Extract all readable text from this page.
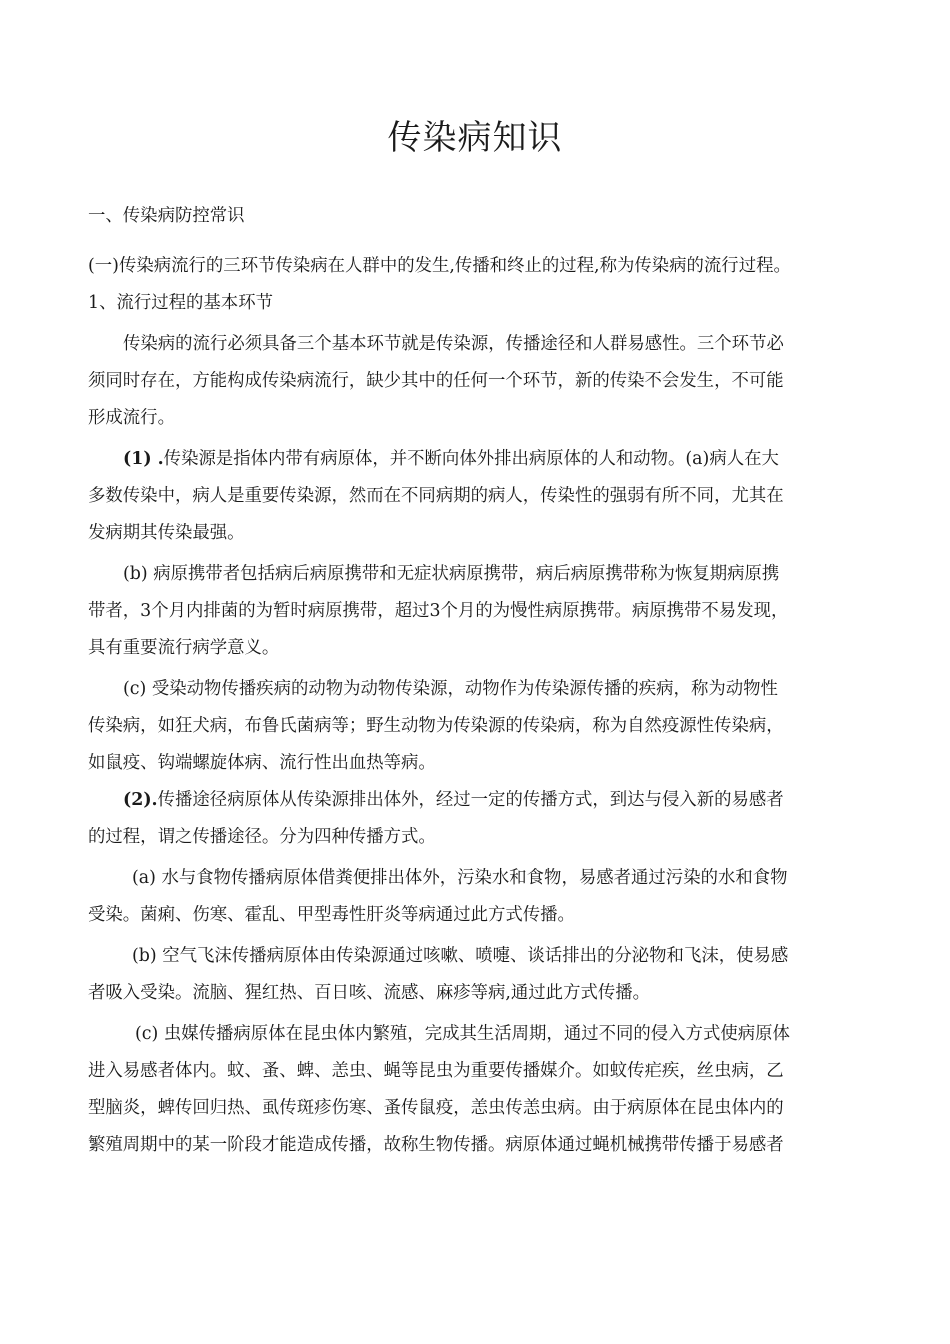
传染病知识
一、传染病防控常识
(一)传染病流行的三环节传染病在人群中的发生,传播和终止的过程,称为传染病的流行过程。
1、流行过程的基本环节
传染病的流行必须具备三个基本环节就是传染源，传播途径和人群易感性。三个环节必
须同时存在，方能构成传染病流行，缺少其中的任何一个环节，新的传染不会发生，不可能
形成流行。
(1) .传染源是指体内带有病原体，并不断向体外排出病原体的人和动物。(a)病人在大
多数传染中，病人是重要传染源，然而在不同病期的病人，传染性的强弱有所不同，尤其在
发病期其传染最强。
(b) 病原携带者包括病后病原携带和无症状病原携带，病后病原携带称为恢复期病原携
带者，3个月内排菌的为暂时病原携带，超过3个月的为慢性病原携带。病原携带不易发现，
具有重要流行病学意义。
(c) 受染动物传播疾病的动物为动物传染源，动物作为传染源传播的疾病，称为动物性
传染病，如狂犬病，布鲁氏菌病等；野生动物为传染源的传染病，称为自然疫源性传染病，
如鼠疫、钩端螺旋体病、流行性出血热等病。
(2).传播途径病原体从传染源排出体外，经过一定的传播方式，到达与侵入新的易感者
的过程，谓之传播途径。分为四种传播方式。
(a) 水与食物传播病原体借粪便排出体外，污染水和食物，易感者通过污染的水和食物
受染。菌痢、伤寒、霍乱、甲型毒性肝炎等病通过此方式传播。
(b) 空气飞沫传播病原体由传染源通过咳嗽、喷嚏、谈话排出的分泌物和飞沫，使易感
者吸入受染。流脑、猩红热、百日咳、流感、麻疹等病,通过此方式传播。
(c) 虫媒传播病原体在昆虫体内繁殖，完成其生活周期，通过不同的侵入方式使病原体
进入易感者体内。蚊、蚤、蜱、恙虫、蝇等昆虫为重要传播媒介。如蚊传疟疾，丝虫病，乙
型脑炎，蜱传回归热、虱传斑疹伤寒、蚤传鼠疫，恙虫传恙虫病。由于病原体在昆虫体内的
繁殖周期中的某一阶段才能造成传播，故称生物传播。病原体通过蝇机械携带传播于易感者
